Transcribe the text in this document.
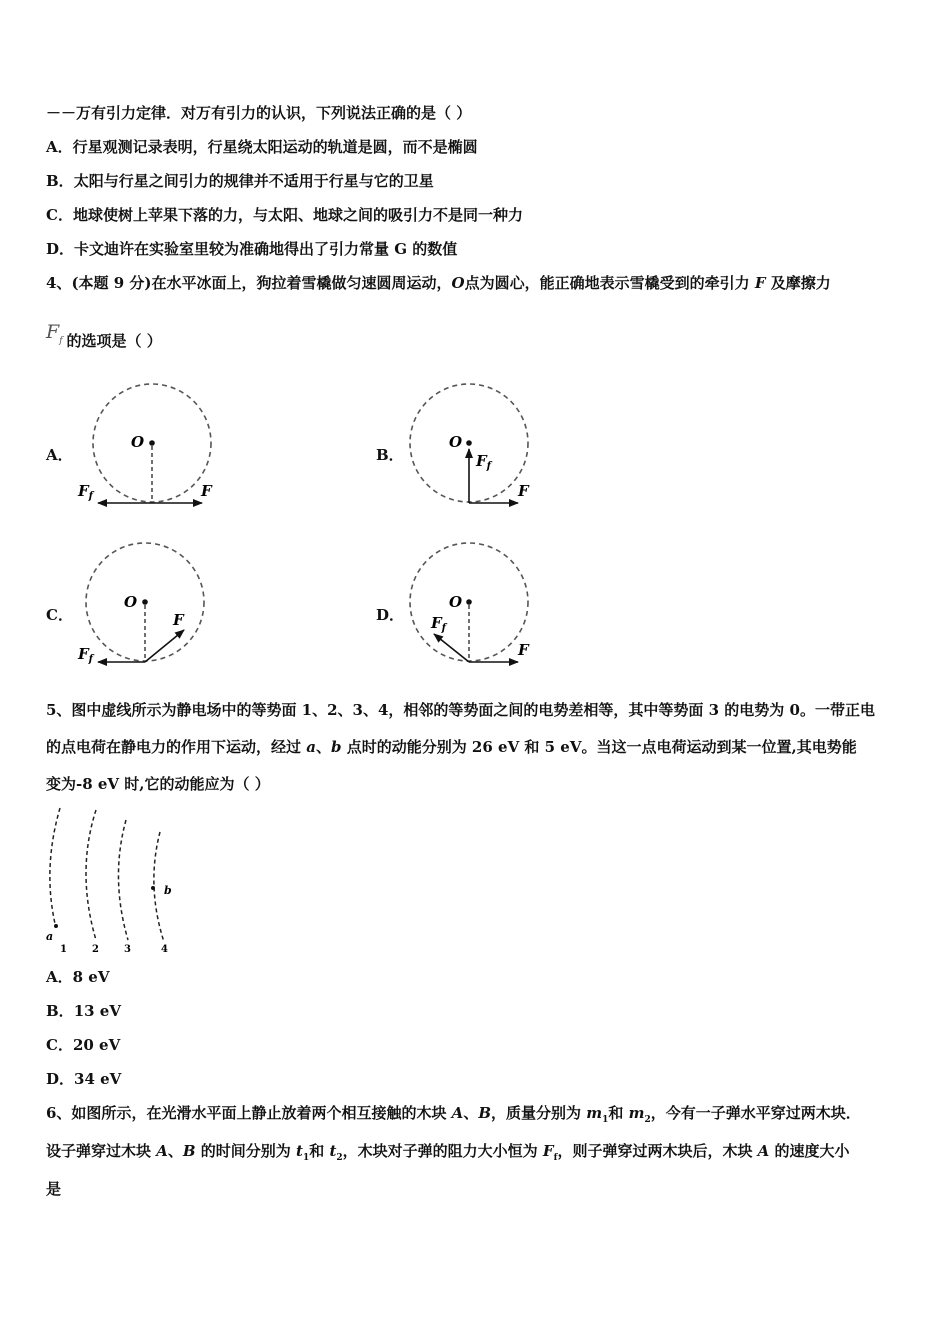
－－万有引力定律．对万有引力的认识，下列说法正确的是（ ）
A．行星观测记录表明，行星绕太阳运动的轨道是圆，而不是椭圆
B．太阳与行星之间引力的规律并不适用于行星与它的卫星
C．地球使树上苹果下落的力，与太阳、地球之间的吸引力不是同一种力
D．卡文迪许在实验室里较为准确地得出了引力常量 G 的数值
4、(本题 9 分)在水平冰面上，狗拉着雪橇做匀速圆周运动，O点为圆心，能正确地表示雪橇受到的牵引力 F 及摩擦力
$F_f$ 的选项是（ ）
A．	B．
C．	D．
O
F
$F_f$
O
F
$F_f$
O
F
$F_f$
O
F
$F_f$
5、图中虚线所示为静电场中的等势面 1、2、3、4，相邻的等势面之间的电势差相等，其中等势面 3 的电势为 0。一带正电
的点电荷在静电力的作用下运动，经过 a、b 点时的动能分别为 26 eV 和 5 eV。当这一点电荷运动到某一位置,其电势能
变为-8 eV 时,它的动能应为（ ）
a
b
1	2	3	4
A．8 eV
B．13 eV
C．20 eV
D．34 eV
6、如图所示，在光滑水平面上静止放着两个相互接触的木块 A、B，质量分别为 $m_1$和 $m_2$，今有一子弹水平穿过两木块．
设子弹穿过木块 A、B 的时间分别为 $t_1$和 $t_2$，木块对子弹的阻力大小恒为 $F_f$，则子弹穿过两木块后，木块 A 的速度大小
是
